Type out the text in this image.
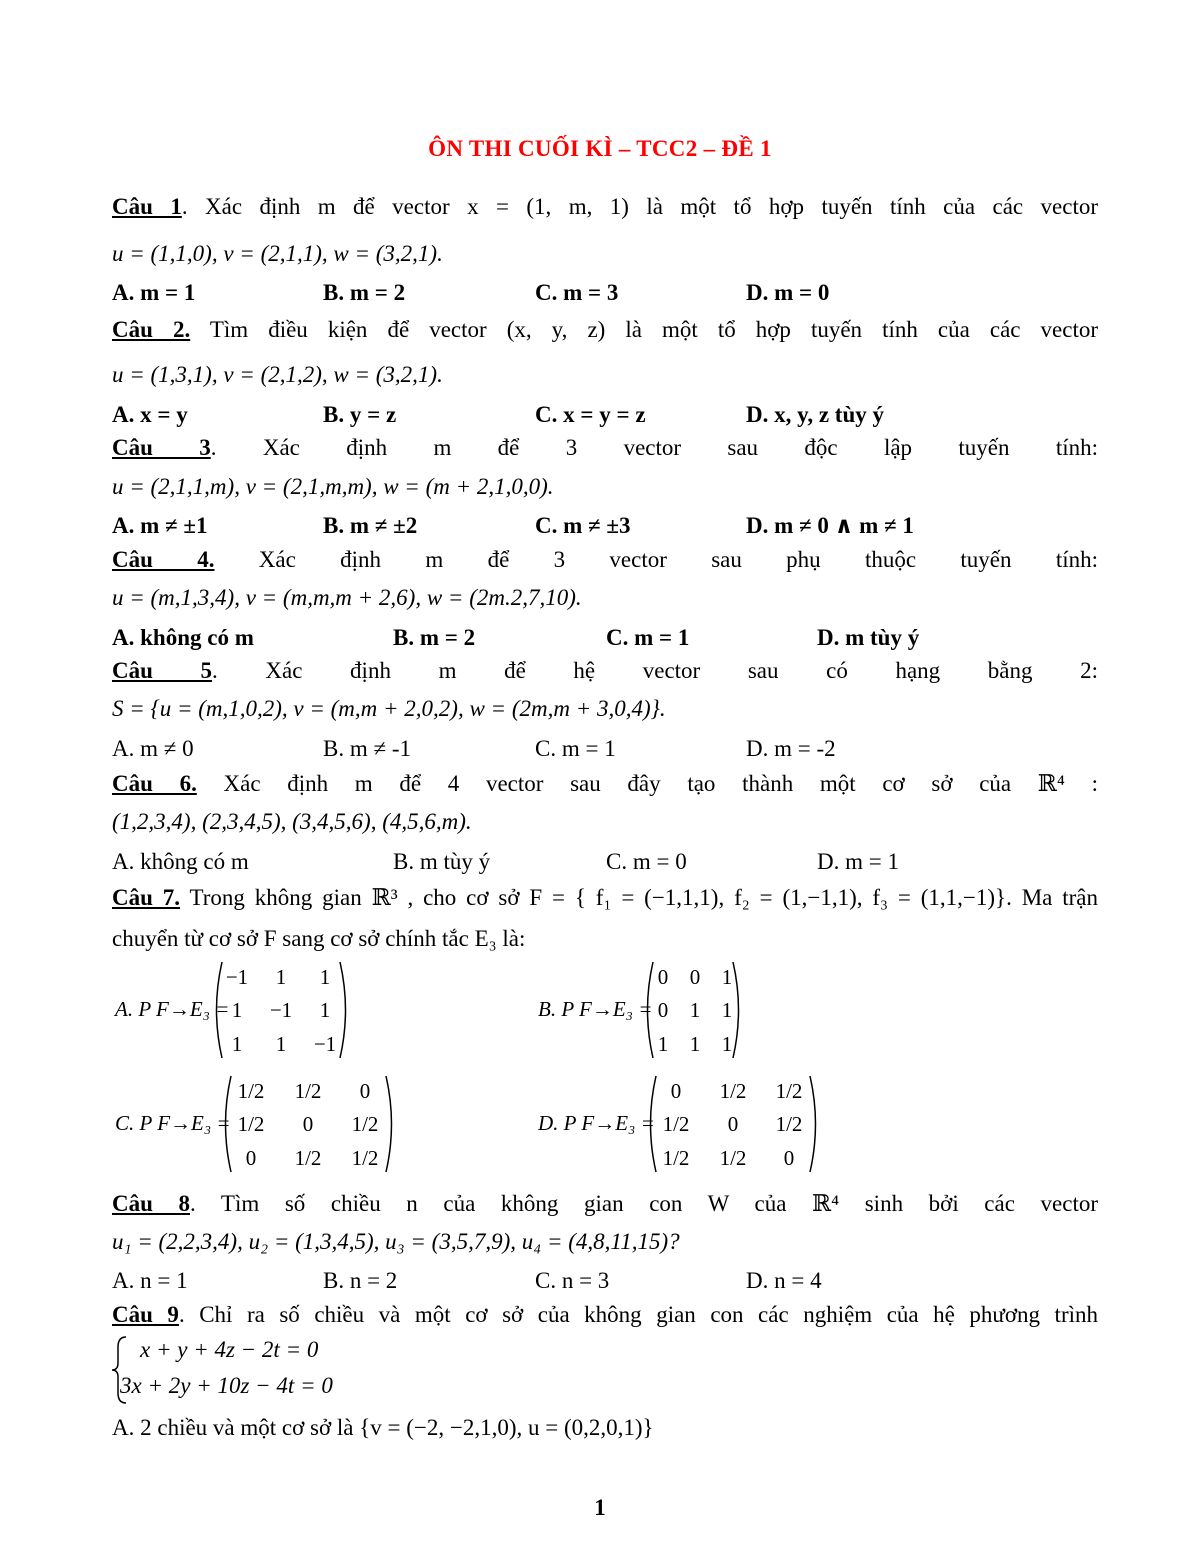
ÔN THI CUỐI KÌ – TCC2 – ĐỀ 1
Câu 1. Xác định m để vector x = (1, m, 1) là một tổ hợp tuyến tính của các vector
u = (1,1,0), v = (2,1,1), w = (3,2,1).
A. m = 1	B. m = 2	C. m = 3	D. m = 0
Câu 2. Tìm điều kiện để vector (x, y, z) là một tổ hợp tuyến tính của các vector
u = (1,3,1), v = (2,1,2), w = (3,2,1).
A. x = y	B. y = z	C. x = y = z	D. x, y, z tùy ý
Câu 3. Xác định m để 3 vector sau độc lập tuyến tính:
u = (2,1,1,m), v = (2,1,m,m), w = (m + 2,1,0,0).
A. m ≠ ±1	B. m ≠ ±2	C. m ≠ ±3	D. m ≠ 0 ∧ m ≠ 1
Câu 4. Xác định m để 3 vector sau phụ thuộc tuyến tính:
u = (m,1,3,4), v = (m,m,m + 2,6), w = (2m.2,7,10).
A. không có m	B. m = 2	C. m = 1	D. m tùy ý
Câu 5. Xác định m để hệ vector sau có hạng bằng 2:
S = {u = (m,1,0,2), v = (m,m + 2,0,2), w = (2m,m + 3,0,4)}.
A. m ≠ 0	B. m ≠ -1	C. m = 1	D. m = -2
Câu 6. Xác định m để 4 vector sau đây tạo thành một cơ sở của ℝ⁴ :
(1,2,3,4), (2,3,4,5), (3,4,5,6), (4,5,6,m).
A. không có m	B. m tùy ý	C. m = 0	D. m = 1
Câu 7. Trong không gian ℝ³ , cho cơ sở F = { f₁ = (−1,1,1), f₂ = (1,−1,1), f₃ = (1,1,−1)}. Ma trận
chuyển từ cơ sở F sang cơ sở chính tắc E₃ là:
A. P F→E₃ =	B. P F→E₃ =
C. P F→E₃ =	D. P F→E₃ =
−1	1	1
1	−1	1
1	1	−1
0	0	1
0	1	1
1	1	1
1/2	1/2	0
1/2	0	1/2
0	1/2	1/2
0	1/2	1/2
1/2	0	1/2
1/2	1/2	0
Câu 8. Tìm số chiều n của không gian con W của ℝ⁴ sinh bởi các vector
u₁ = (2,2,3,4), u₂ = (1,3,4,5), u₃ = (3,5,7,9), u₄ = (4,8,11,15)?
A. n = 1	B. n = 2	C. n = 3	D. n = 4
Câu 9. Chỉ ra số chiều và một cơ sở của không gian con các nghiệm của hệ phương trình
x + y + 4z − 2t = 0
3x + 2y + 10z − 4t = 0
A. 2 chiều và một cơ sở là {v = (−2, −2,1,0), u = (0,2,0,1)}
1
